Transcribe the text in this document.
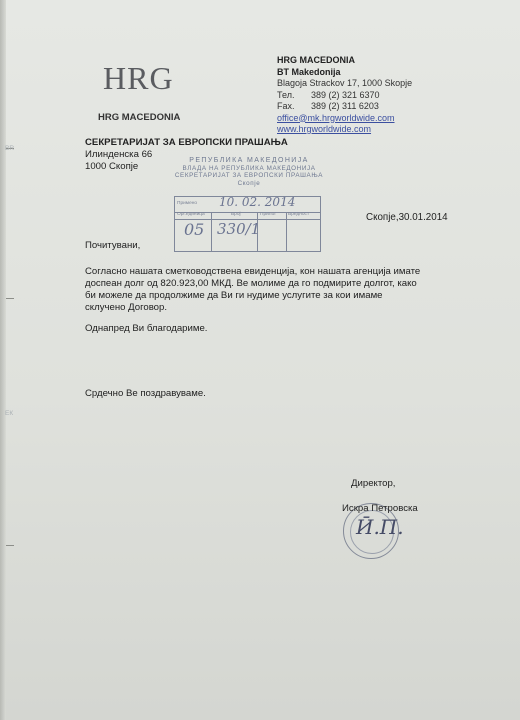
ВR
ЕК
HRG
HRG MACEDONIA
HRG MACEDONIA
BT Makedonija
Blagoja Strackov 17, 1000 Skopje
Тел. 389 (2) 321 6370
Fax. 389 (2) 311 6203
office@mk.hrgworldwide.com
www.hrgworldwide.com
СЕКРЕТАРИЈАТ ЗА ЕВРОПСКИ ПРАШАЊА
Илинденска 66
1000 Скопје
РЕПУБЛИКА МАКЕДОНИЈА
ВЛАДА НА РЕПУБЛИКА МАКЕДОНИЈА
СЕКРЕТАРИЈАТ ЗА ЕВРОПСКИ ПРАШАЊА
Скопје
Примено 10. 02. 2014
Орг.единица	Број	Прилог Вредност
05 330/1
Скопје,30.01.2014
Почитувани,
Согласно нашата сметководствена евиденција, кон нашата агенција имате
доспеан долг од 820.923,00 МКД. Ве молиме да го подмирите долгот, како
би можеле да продолжиме да Ви ги нудиме услугите за кои имаме
склучено Договор.
Однапред Ви благодариме.
Срдечно Ве поздравуваме.
Директор,
Искра Петровска
Ӣ.П.
